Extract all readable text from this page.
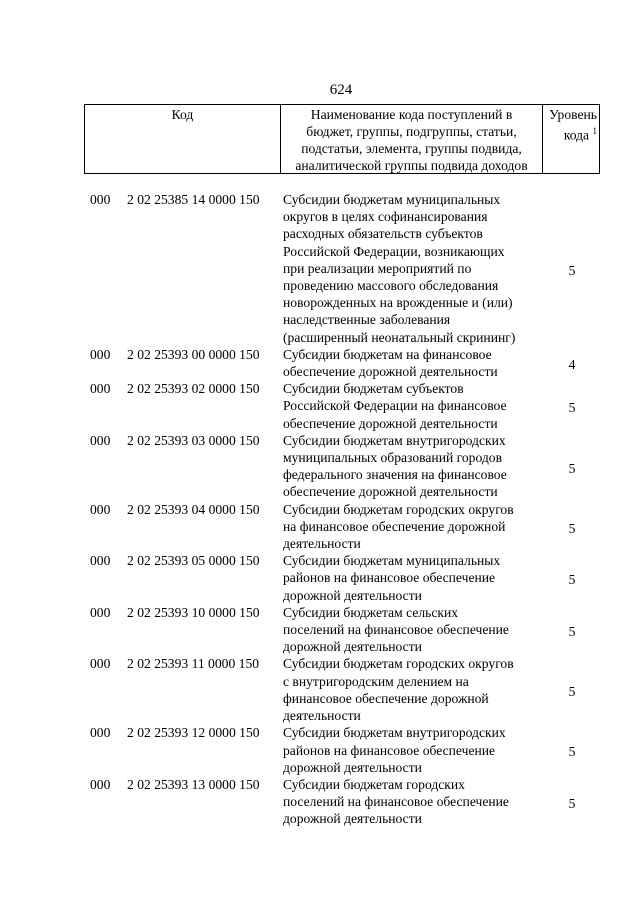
624
Код	Наименование кода поступлений в
бюджет, группы, подгруппы, статьи,
подстатьи, элемента, группы подвида,
аналитической группы подвида доходов
Уровень
кода $^1$
000 2 02 25385 14 0000 150 Субсидии бюджетам муниципальных
округов в целях софинансирования
расходных обязательств субъектов
Российской Федерации, возникающих
при реализации мероприятий по
проведению массового обследования
новорожденных на врожденные и (или)
наследственные заболевания
(расширенный неонатальный скрининг)
5
000 2 02 25393 00 0000 150 Субсидии бюджетам на финансовое
обеспечение дорожной деятельности	4
000 2 02 25393 02 0000 150 Субсидии бюджетам субъектов
Российской Федерации на финансовое
обеспечение дорожной деятельности
5
000 2 02 25393 03 0000 150 Субсидии бюджетам внутригородских
муниципальных образований городов
федерального значения на финансовое
обеспечение дорожной деятельности
5
000 2 02 25393 04 0000 150 Субсидии бюджетам городских округов
на финансовое обеспечение дорожной
деятельности
5
000 2 02 25393 05 0000 150 Субсидии бюджетам муниципальных
районов на финансовое обеспечение
дорожной деятельности
5
000 2 02 25393 10 0000 150 Субсидии бюджетам сельских
поселений на финансовое обеспечение
дорожной деятельности
5
000 2 02 25393 11 0000 150 Субсидии бюджетам городских округов
с внутригородским делением на
финансовое обеспечение дорожной
деятельности
5
000 2 02 25393 12 0000 150 Субсидии бюджетам внутригородских
районов на финансовое обеспечение
дорожной деятельности
5
000 2 02 25393 13 0000 150 Субсидии бюджетам городских
поселений на финансовое обеспечение
дорожной деятельности
5
